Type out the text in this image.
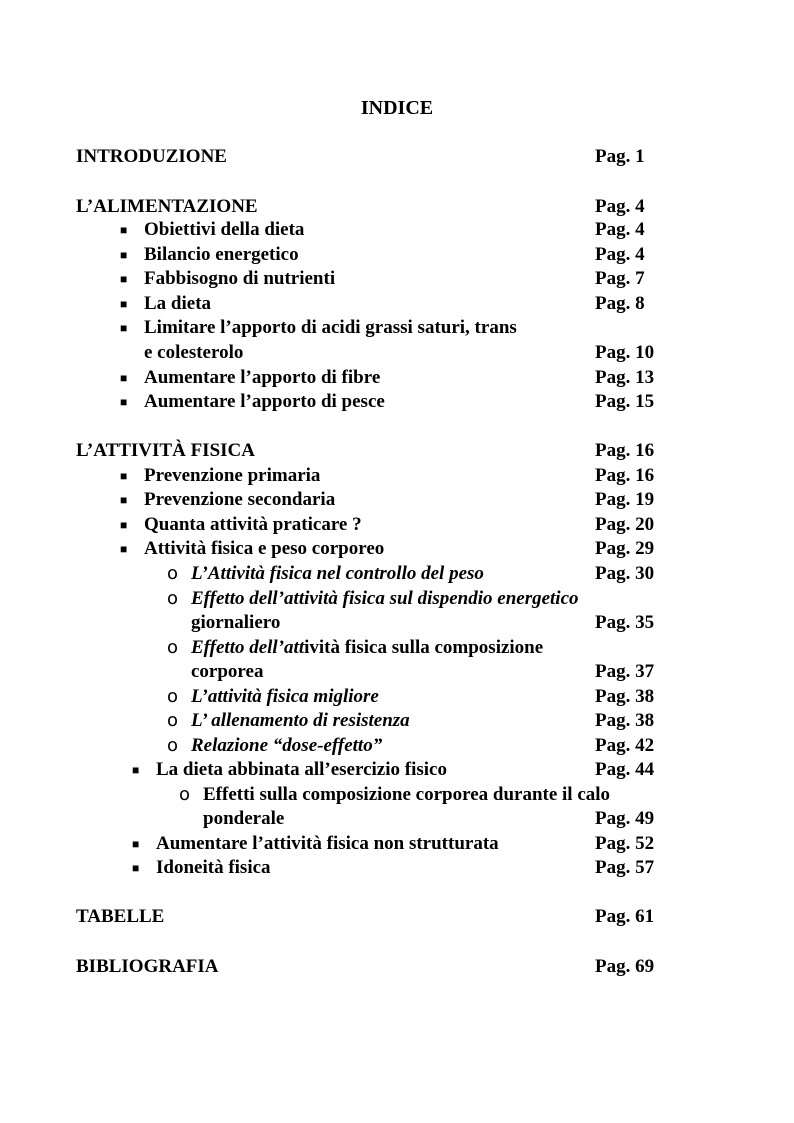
INDICE
INTRODUZIONE	Pag. 1
L’ALIMENTAZIONE	Pag. 4
■ Obiettivi della dieta	Pag. 4
■ Bilancio energetico	Pag. 4
■ Fabbisogno di nutrienti	Pag. 7
■ La dieta	Pag. 8
■ Limitare l’apporto di acidi grassi saturi, trans
e colesterolo	Pag. 10
■ Aumentare l’apporto di fibre	Pag. 13
■ Aumentare l’apporto di pesce	Pag. 15
L’ATTIVITÀ FISICA	Pag. 16
■ Prevenzione primaria	Pag. 16
■ Prevenzione secondaria	Pag. 19
■ Quanta attività praticare ?	Pag. 20
■ Attività fisica e peso corporeo	Pag. 29
o L’Attività fisica nel controllo del peso	Pag. 30
o Effetto dell’attività fisica sul dispendio energetico
giornaliero	Pag. 35
o Effetto dell’attività fisica sulla composizione
corporea	Pag. 37
o L’attività fisica migliore	Pag. 38
o L’ allenamento di resistenza	Pag. 38
o Relazione “dose-effetto”	Pag. 42
■ La dieta abbinata all’esercizio fisico	Pag. 44
o Effetti sulla composizione corporea durante il calo
ponderale	Pag. 49
■ Aumentare l’attività fisica non strutturata	Pag. 52
■ Idoneità fisica	Pag. 57
TABELLE	Pag. 61
BIBLIOGRAFIA	Pag. 69
